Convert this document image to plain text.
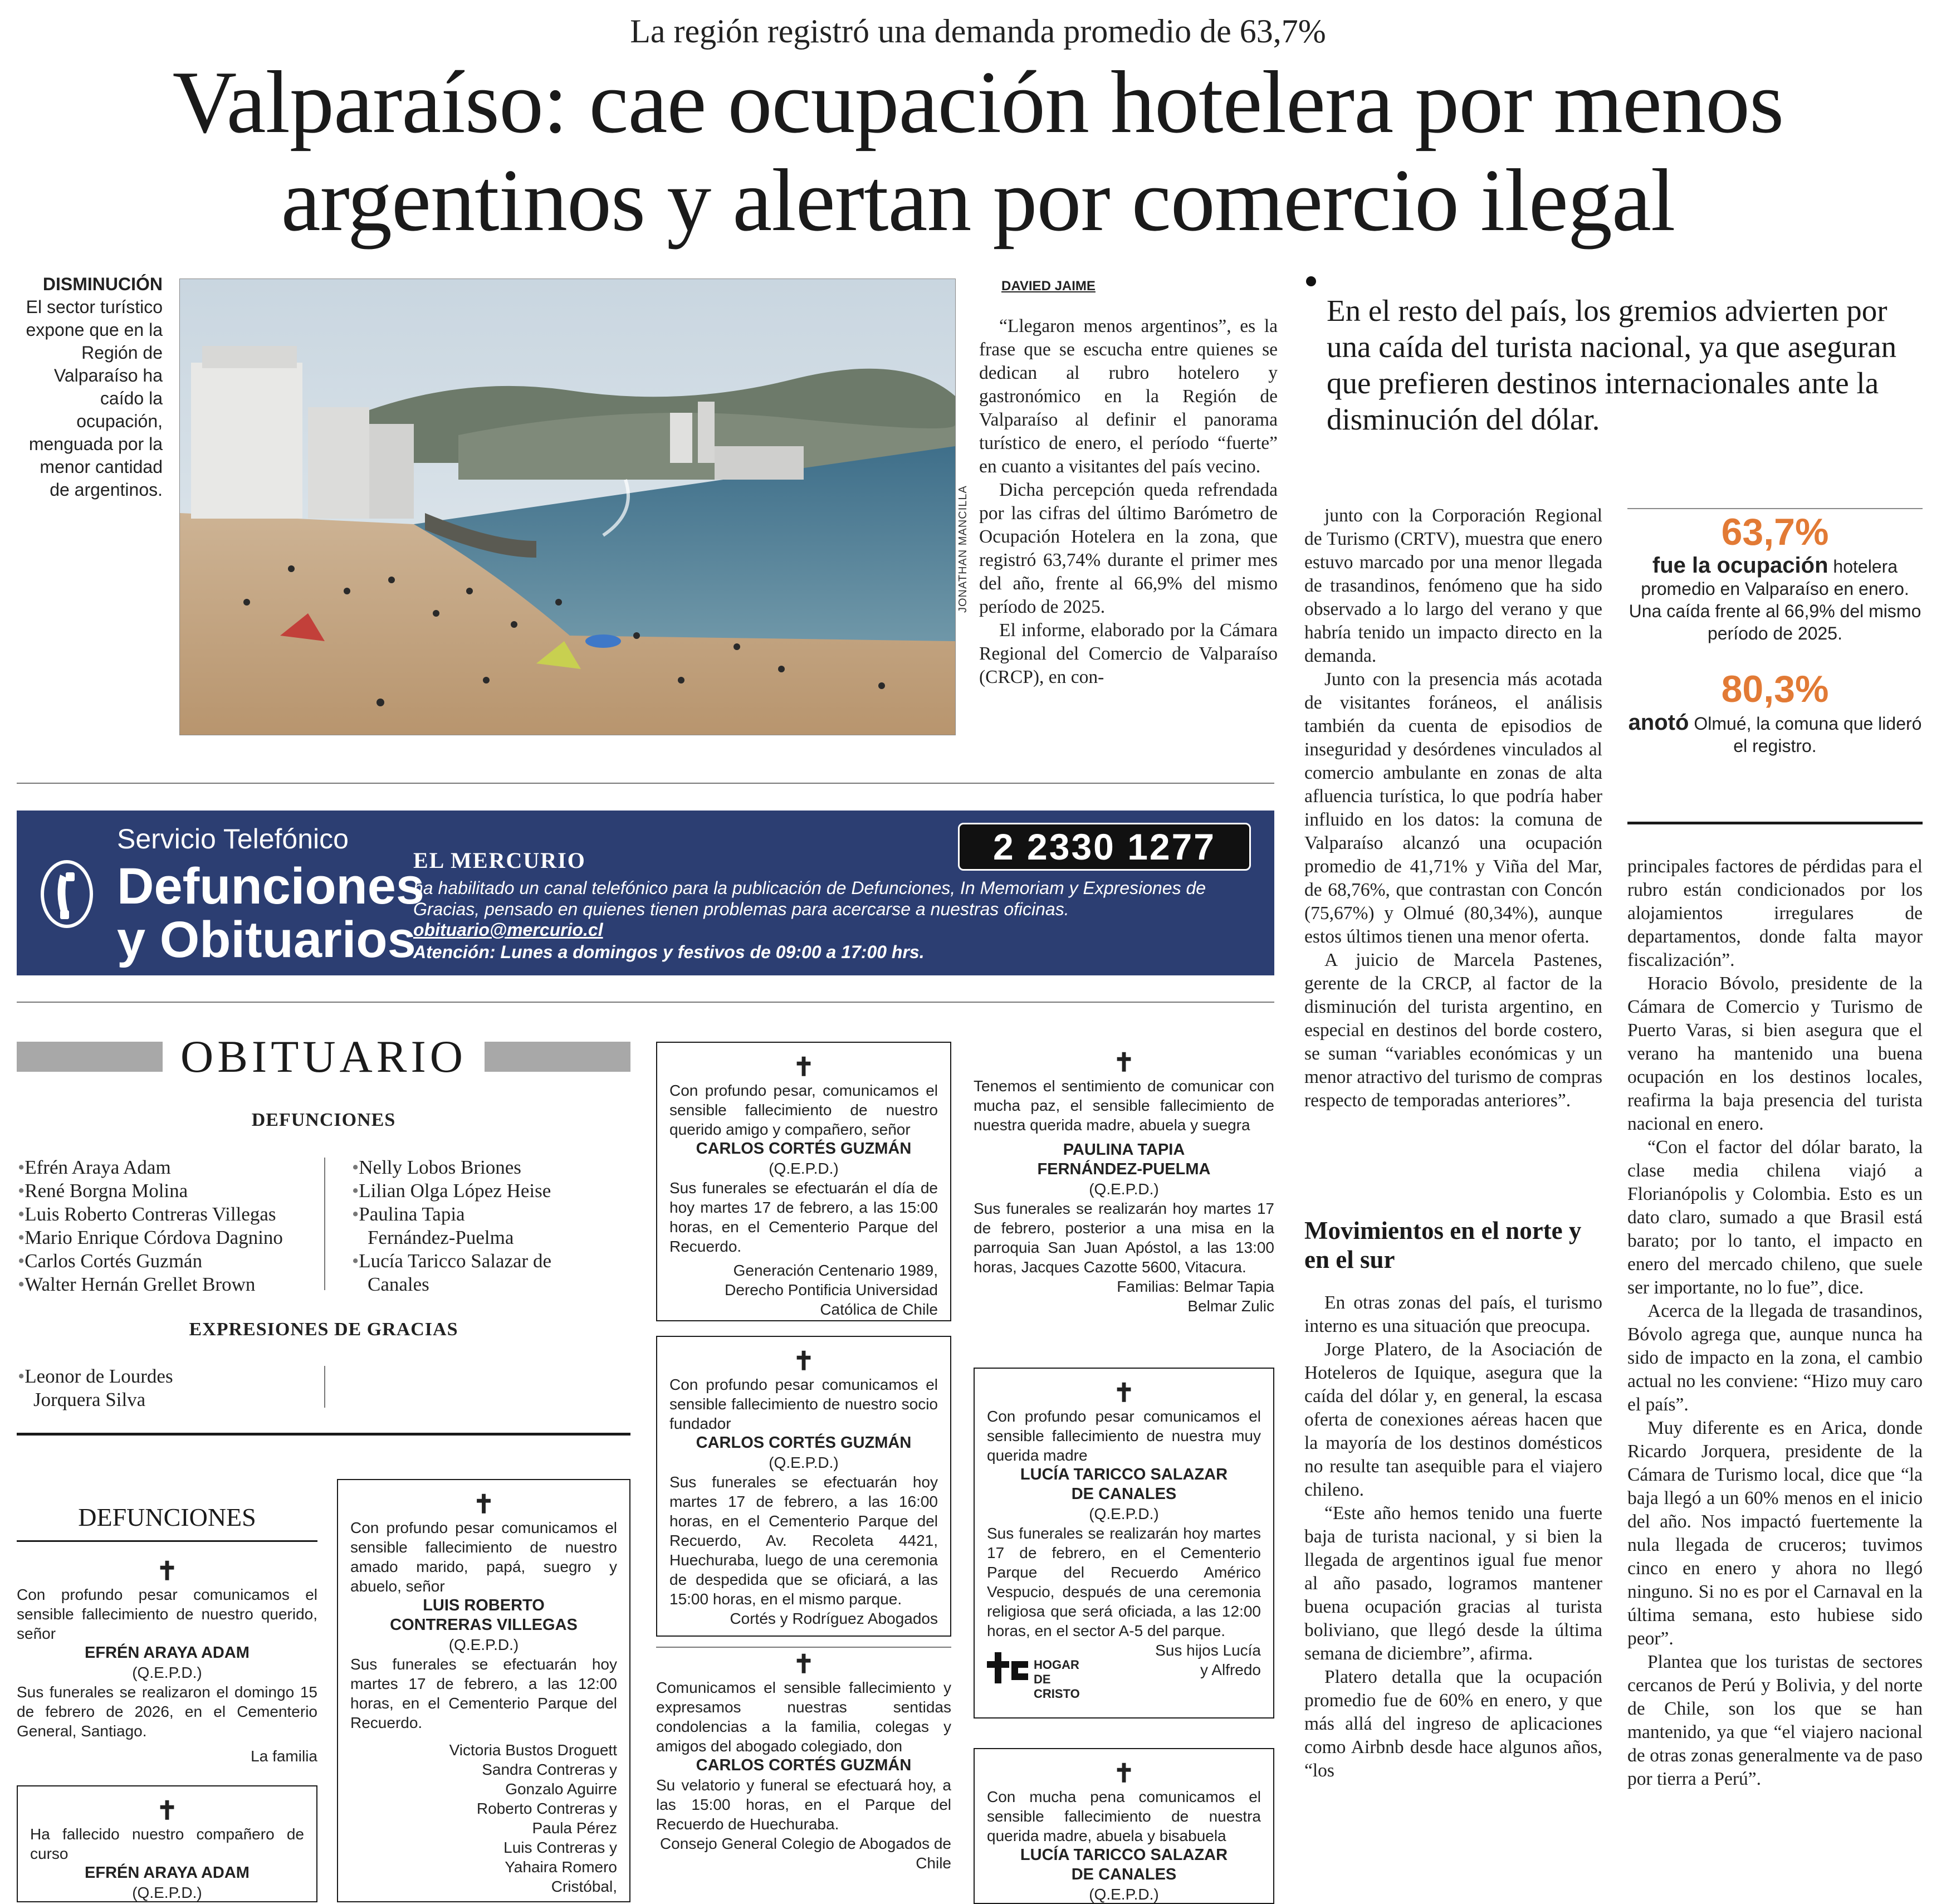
La región registró una demanda promedio de 63,7%
Valparaíso: cae ocupación hotelera por menos
argentinos y alertan por comercio ilegal
DISMINUCIÓN
El sector turístico expone que en la Región de Valparaíso ha caído la ocupación, menguada por la menor cantidad de argentinos.	JONATHAN MANCILLA
DAVIED JAIME

“Llegaron menos argentinos”, es la frase que se escucha entre quienes se dedican al rubro hotelero y gastronómico en la Región de Valparaíso al definir el panorama turístico de enero, el período “fuerte” en cuanto a visitantes del país vecino.

Dicha percepción queda refrendada por las cifras del último Barómetro de Ocupación Hotelera en la zona, que registró 63,74% durante el primer mes del año, frente al 66,9% del mismo período de 2025.

El informe, elaborado por la Cámara Regional del Comercio de Valparaíso (CRCP), en con-

En el resto del país, los gremios advierten por una caída del turista nacional, ya que aseguran que prefieren destinos internacionales ante la disminución del dólar.

junto con la Corporación Regional de Turismo (CRTV), muestra que enero estuvo marcado por una menor llegada de trasandinos, fenómeno que ha sido observado a lo largo del verano y que habría tenido un impacto directo en la demanda.

Junto con la presencia más acotada de visitantes foráneos, el análisis también da cuenta de episodios de inseguridad y desórdenes vinculados al comercio ambulante en zonas de alta afluencia turística, lo que podría haber influido en los datos: la comuna de Valparaíso alcanzó una ocupación promedio de 41,71% y Viña del Mar, de 68,76%, que contrastan con Concón (75,67%) y Olmué (80,34%), aunque estos últimos tienen una menor oferta.

A juicio de Marcela Pastenes, gerente de la CRCP, al factor de la disminución del turista argentino, en especial en destinos del borde costero, se suman “variables económicas y un menor atractivo del turismo de compras respecto de temporadas anteriores”.

Movimientos en el norte y en el sur

En otras zonas del país, el turismo interno es una situación que preocupa.

Jorge Platero, de la Asociación de Hoteleros de Iquique, asegura que la caída del dólar y, en general, la escasa oferta de conexiones aéreas hacen que la mayoría de los destinos domésticos no resulte tan asequible para el viajero chileno.

“Este año hemos tenido una fuerte baja de turista nacional, y si bien la llegada de argentinos igual fue menor al año pasado, logramos mantener buena ocupación gracias al turista boliviano, que llegó desde la última semana de diciembre”, afirma.

Platero detalla que la ocupación promedio fue de 60% en enero, y que más allá del ingreso de aplicaciones como Airbnb desde hace algunos años, “los

63,7%
fue la ocupación hotelera promedio en Valparaíso en enero. Una caída frente al 66,9% del mismo período de 2025.
80,3%
anotó Olmué, la comuna que lideró el registro.

principales factores de pérdidas para el rubro están condicionados por los alojamientos irregulares de departamentos, donde falta mayor fiscalización”.

Horacio Bóvolo, presidente de la Cámara de Comercio y Turismo de Puerto Varas, si bien asegura que el verano ha mantenido una buena ocupación en los destinos locales, reafirma la baja presencia del turista nacional en enero.

“Con el factor del dólar barato, la clase media chilena viajó a Florianópolis y Colombia. Esto es un dato claro, sumado a que Brasil está barato; por lo tanto, el impacto en enero del mercado chileno, que suele ser importante, no lo fue”, dice.

Acerca de la llegada de trasandinos, Bóvolo agrega que, aunque nunca ha sido de impacto en la zona, el cambio actual no les conviene: “Hizo muy caro el país”.

Muy diferente es en Arica, donde Ricardo Jorquera, presidente de la Cámara de Turismo local, dice que “la baja llegó a un 60% menos en el inicio del año. Nos impactó fuertemente la nula llegada de cruceros; tuvimos cinco en enero y ahora no llegó ninguno. Si no es por el Carnaval en la última semana, esto hubiese sido peor”.

Plantea que los turistas de sectores cercanos de Perú y Bolivia, y del norte de Chile, son los que se han mantenido, ya que “el viajero nacional de otras zonas generalmente va de paso por tierra a Perú”.

Servicio Telefónico
Defunciones
y Obituarios
EL MERCURIO	2 2330 1277
ha habilitado un canal telefónico para la publicación de Defunciones, In Memoriam y Expresiones de Gracias, pensado en quienes tienen problemas para acercarse a nuestras oficinas.
obituario@mercurio.cl
Atención: Lunes a domingos y festivos de 09:00 a 17:00 hrs.
OBITUARIO
DEFUNCIONES
• Efrén Araya Adam
• René Borgna Molina
• Luis Roberto Contreras Villegas
• Mario Enrique Córdova Dagnino
• Carlos Cortés Guzmán
• Walter Hernán Grellet Brown
• Nelly Lobos Briones
• Lilian Olga López Heise
• Paulina Tapia
Fernández-Puelma
• Lucía Taricco Salazar de
Canales
EXPRESIONES DE GRACIAS
• Leonor de Lourdes
Jorquera Silva
DEFUNCIONES
✝

Con profundo pesar comunicamos el sensible fallecimiento de nuestro querido, señor

EFRÉN ARAYA ADAM
(Q.E.P.D.)

Sus funerales se realizaron el domingo 15 de febrero de 2026, en el Cementerio General, Santiago.

La familia
✝

Ha fallecido nuestro compañero de curso

EFRÉN ARAYA ADAM
(Q.E.P.D.)
✝

Con profundo pesar comunicamos el sensible fallecimiento de nuestro amado marido, papá, suegro y abuelo, señor

LUIS ROBERTO
CONTRERAS VILLEGAS
(Q.E.P.D.)

Sus funerales se efectuarán hoy martes 17 de febrero, a las 12:00 horas, en el Cementerio Parque del Recuerdo.

Victoria Bustos Droguett
Sandra Contreras y
Gonzalo Aguirre
Roberto Contreras y
Paula Pérez
Luis Contreras y
Yahaira Romero
Cristóbal,
✝

Con profundo pesar, comunicamos el sensible fallecimiento de nuestro querido amigo y compañero, señor

CARLOS CORTÉS GUZMÁN
(Q.E.P.D.)

Sus funerales se efectuarán el día de hoy martes 17 de febrero, a las 15:00 horas, en el Cementerio Parque del Recuerdo.

Generación Centenario 1989,
Derecho Pontificia Universidad
Católica de Chile
✝

Con profundo pesar comunicamos el sensible fallecimiento de nuestro socio fundador

CARLOS CORTÉS GUZMÁN
(Q.E.P.D.)

Sus funerales se efectuarán hoy martes 17 de febrero, a las 16:00 horas, en el Cementerio Parque del Recuerdo, Av. Recoleta 4421, Huechuraba, luego de una ceremonia de despedida que se oficiará, a las 15:00 horas, en el mismo parque.

Cortés y Rodríguez Abogados
✝

Comunicamos el sensible fallecimiento y expresamos nuestras sentidas condolencias a la familia, colegas y amigos del abogado colegiado, don

CARLOS CORTÉS GUZMÁN

Su velatorio y funeral se efectuará hoy, a las 15:00 horas, en el Parque del Recuerdo de Huechuraba.

Consejo General Colegio de Abogados de
Chile
✝

Tenemos el sentimiento de comunicar con mucha paz, el sensible fallecimiento de nuestra querida madre, abuela y suegra

PAULINA TAPIA
FERNÁNDEZ-PUELMA
(Q.E.P.D.)

Sus funerales se realizarán hoy martes 17 de febrero, posterior a una misa en la parroquia San Juan Apóstol, a las 13:00 horas, Jacques Cazotte 5600, Vitacura.

Familias: Belmar Tapia
Belmar Zulic
✝

Con profundo pesar comunicamos el sensible fallecimiento de nuestra muy querida madre

LUCÍA TARICCO SALAZAR
DE CANALES
(Q.E.P.D.)

Sus funerales se realizarán hoy martes 17 de febrero, en el Cementerio Parque del Recuerdo Américo Vespucio, después de una ceremonia religiosa que será oficiada, a las 12:00 horas, en el sector A-5 del parque.

Sus hijos Lucía
y Alfredo
HOGAR
DE CRISTO
✝

Con mucha pena comunicamos el sensible fallecimiento de nuestra querida madre, abuela y bisabuela

LUCÍA TARICCO SALAZAR
DE CANALES
(Q.E.P.D.)
